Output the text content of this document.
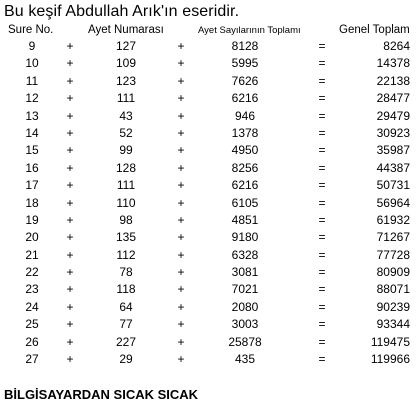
Bu keşif Abdullah Arık'ın eseridir.
Sure No.	Ayet Numarası	Ayet Sayılarının Toplamı	Genel Toplam
9	+	127	+	8128	=	8264
10	+	109	+	5995	=	14378
11	+	123	+	7626	=	22138
12	+	111	+	6216	=	28477
13	+	43	+	946	=	29479
14	+	52	+	1378	=	30923
15	+	99	+	4950	=	35987
16	+	128	+	8256	=	44387
17	+	111	+	6216	=	50731
18	+	110	+	6105	=	56964
19	+	98	+	4851	=	61932
20	+	135	+	9180	=	71267
21	+	112	+	6328	=	77728
22	+	78	+	3081	=	80909
23	+	118	+	7021	=	88071
24	+	64	+	2080	=	90239
25	+	77	+	3003	=	93344
26	+	227	+	25878	=	119475
27	+	29	+	435	=	119966
BİLGİSAYARDAN SICAK SICAK
